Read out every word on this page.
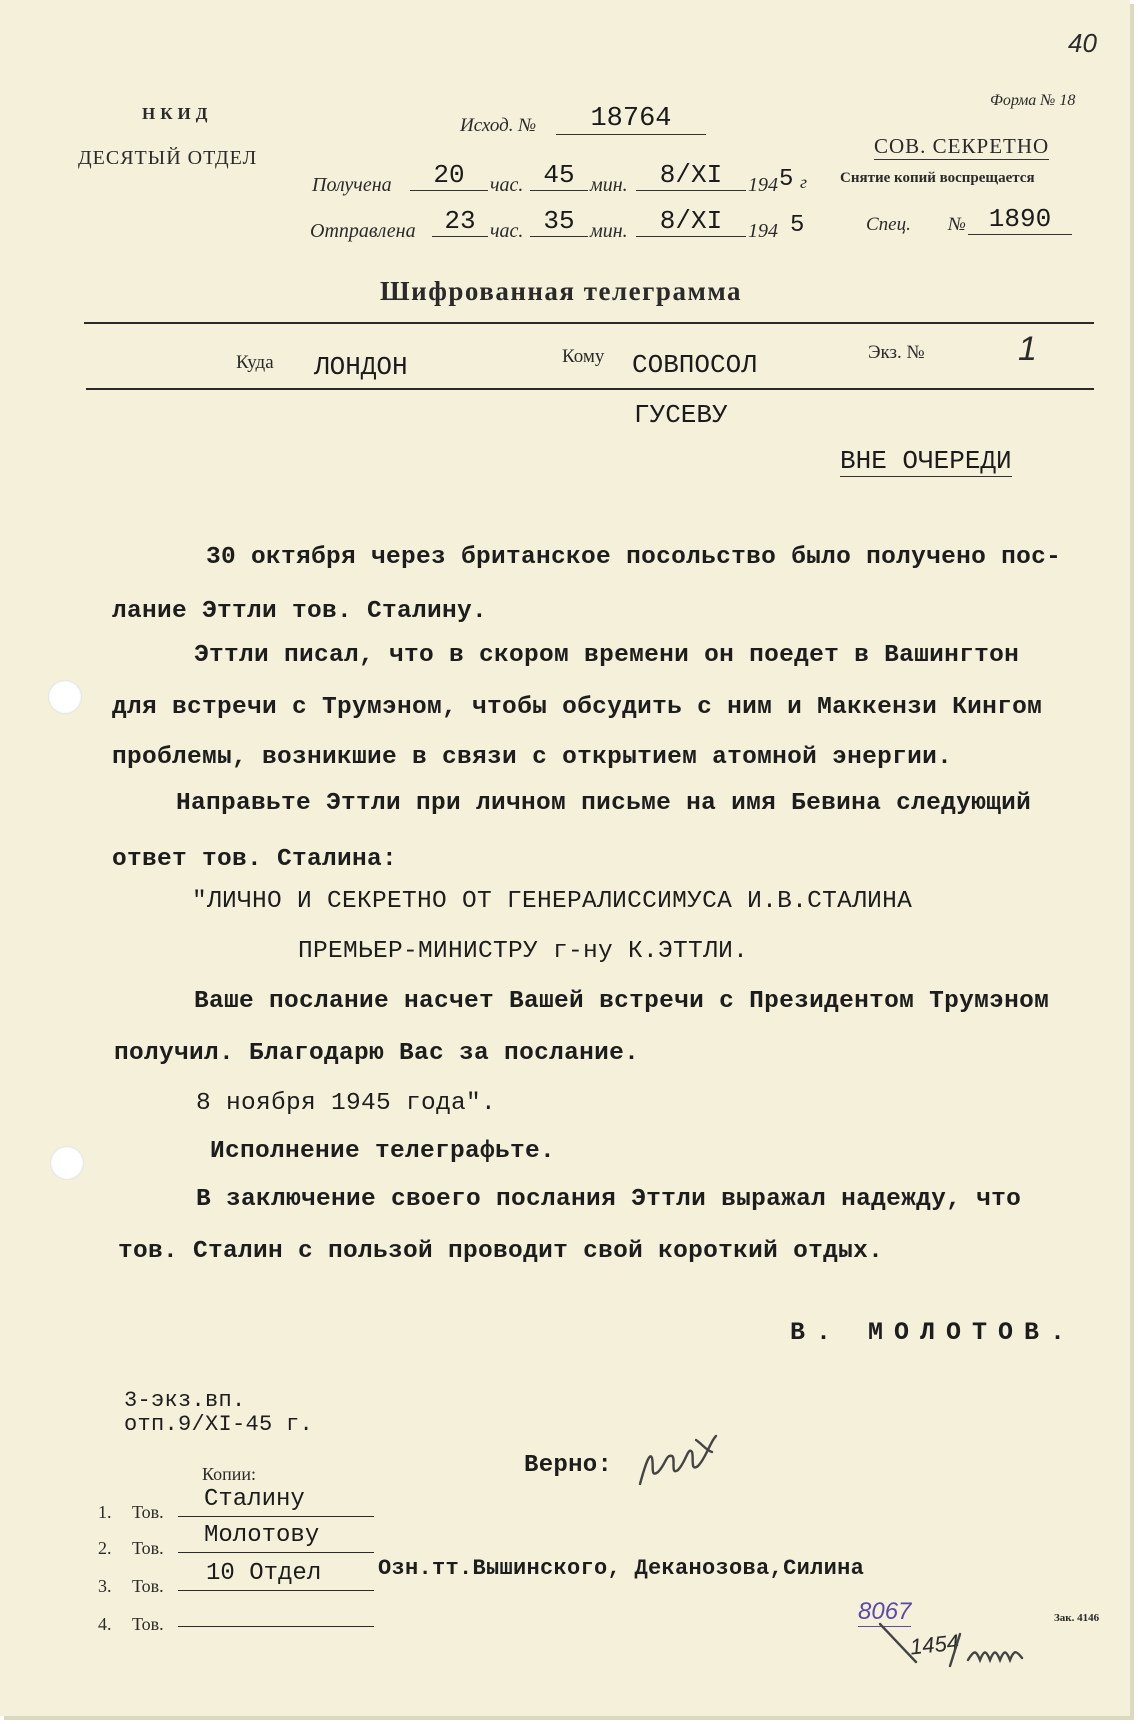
40
НКИД
ДЕСЯТЫЙ ОТДЕЛ
Исход. №	18764
Получена	20	час. 45 мин.	8/XI	194 5 г
Отправлена	23 час. 35 мин.	8/XI	194 5
Форма № 18
СОВ. СЕКРЕТНО
Снятие копий воспрещается
Спец. № 1890
Шифрованная телеграмма
Куда ЛОНДОН	Кому СОВПОСОЛ	Экз. №	1
ГУСЕВУ
ВНЕ ОЧЕРЕДИ
30 октября через британское посольство было получено пос-
лание Эттли тов. Сталину.
Эттли писал, что в скором времени он поедет в Вашингтон
для встречи с Трумэном, чтобы обсудить с ним и Маккензи Кингом
проблемы, возникшие в связи с открытием атомной энергии.
Направьте Эттли при личном письме на имя Бевина следующий
ответ тов. Сталина:
"ЛИЧНО И СЕКРЕТНО ОТ ГЕНЕРАЛИССИМУСА И.В.СТАЛИНА
ПРЕМЬЕР-МИНИСТРУ г-ну К.ЭТТЛИ.
Ваше послание насчет Вашей встречи с Президентом Трумэном
получил. Благодарю Вас за послание.
8 ноября 1945 года".
Исполнение телеграфьте.
В заключение своего послания Эттли выражал надежду, что
тов. Сталин с пользой проводит свой короткий отдых.
В. МОЛОТОВ.
3-экз.вп.
отп.9/XI-45 г.
Верно:
Копии:
1. Тов. Сталину
2. Тов. Молотову
3. Тов. 10 Отдел	Озн.тт.Вышинского, Деканозова,Силина
4. Тов.	8067
1454
Зак. 4146
